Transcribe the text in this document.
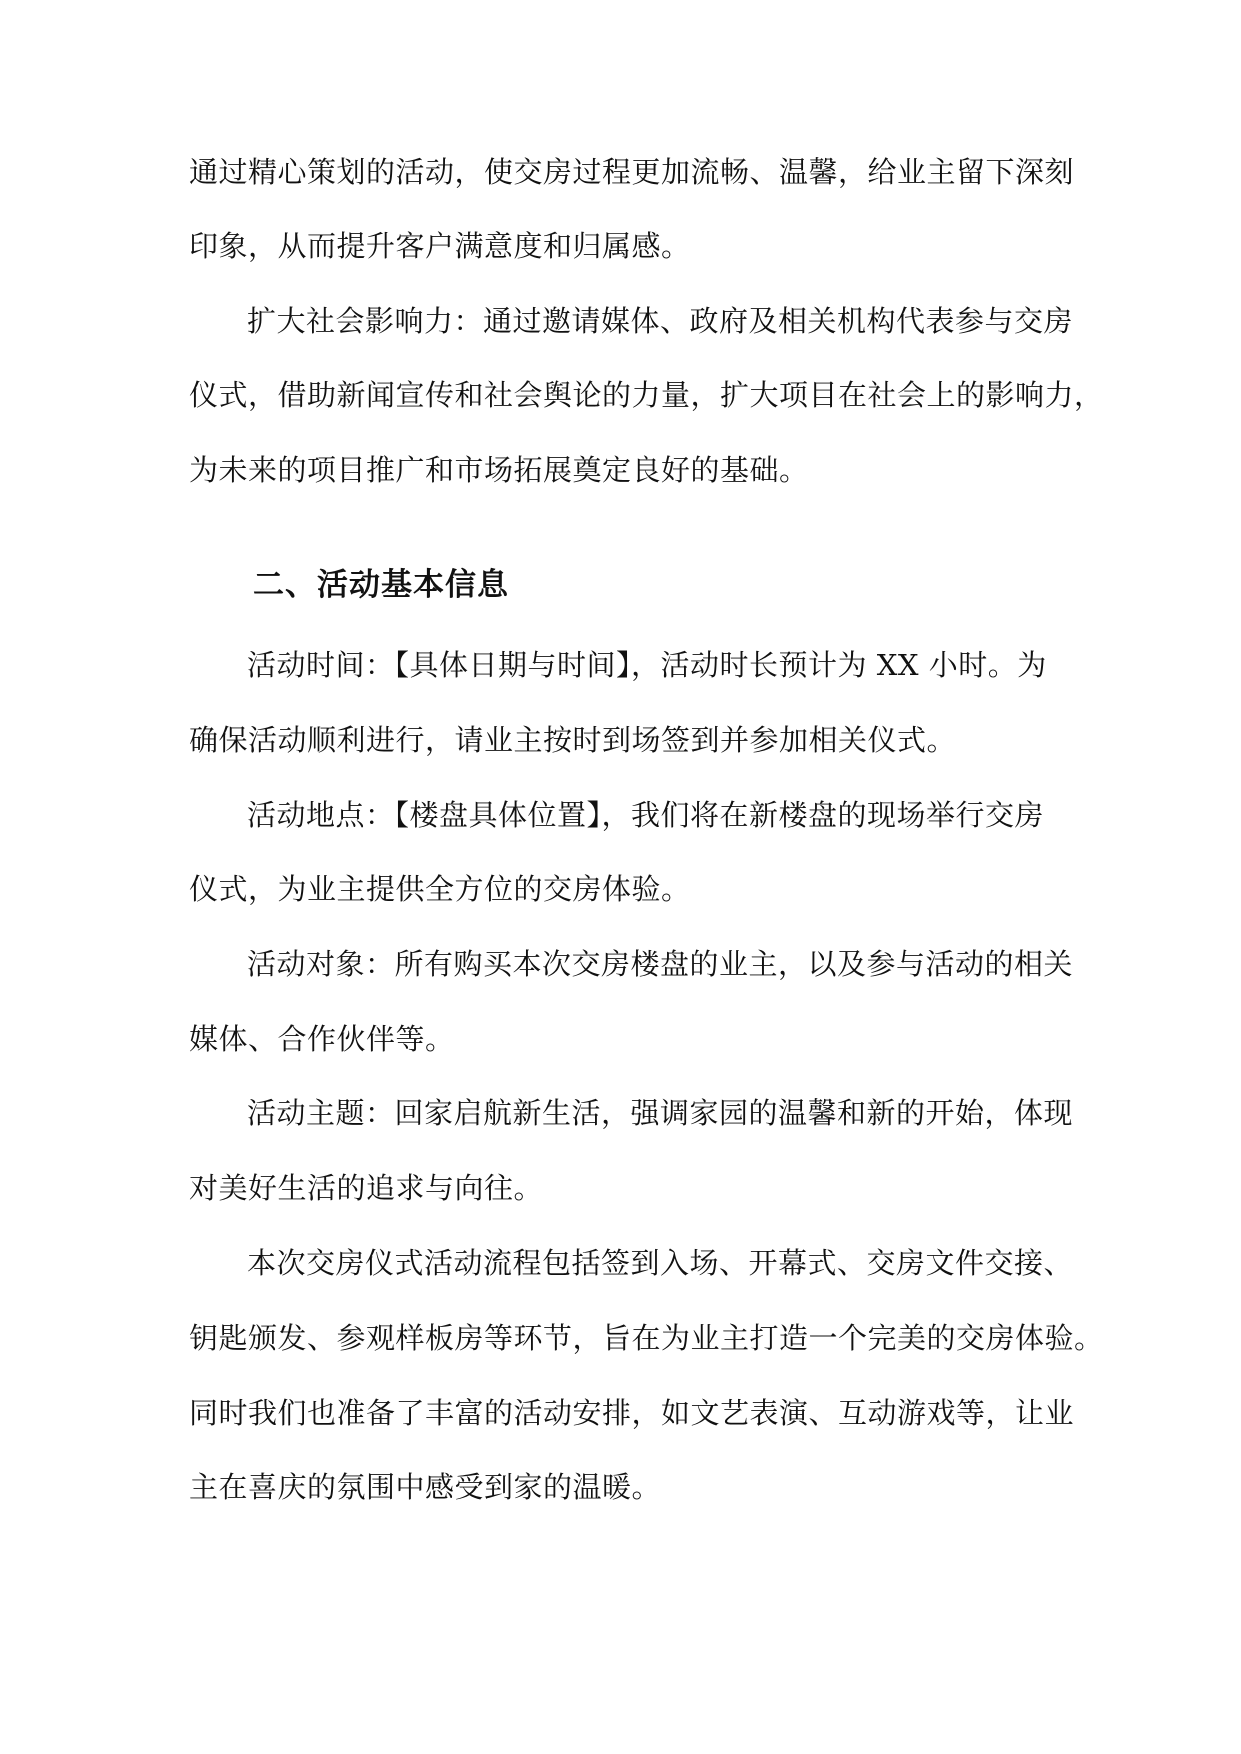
通过精心策划的活动，使交房过程更加流畅、温馨，给业主留下深刻

印象，从而提升客户满意度和归属感。

扩大社会影响力：通过邀请媒体、政府及相关机构代表参与交房

仪式，借助新闻宣传和社会舆论的力量，扩大项目在社会上的影响力，

为未来的项目推广和市场拓展奠定良好的基础。

二、活动基本信息

活动时间：【具体日期与时间】，活动时长预计为 XX 小时。为

确保活动顺利进行，请业主按时到场签到并参加相关仪式。

活动地点：【楼盘具体位置】，我们将在新楼盘的现场举行交房

仪式，为业主提供全方位的交房体验。

活动对象：所有购买本次交房楼盘的业主，以及参与活动的相关

媒体、合作伙伴等。

活动主题：回家启航新生活，强调家园的温馨和新的开始，体现

对美好生活的追求与向往。

本次交房仪式活动流程包括签到入场、开幕式、交房文件交接、

钥匙颁发、参观样板房等环节，旨在为业主打造一个完美的交房体验。

同时我们也准备了丰富的活动安排，如文艺表演、互动游戏等，让业

主在喜庆的氛围中感受到家的温暖。
